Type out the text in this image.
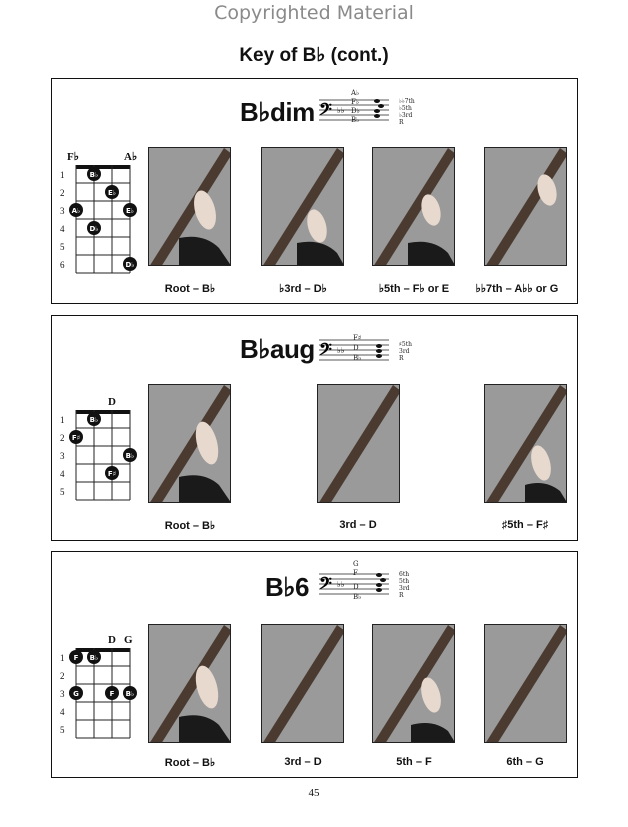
Copyrighted Material
Key of B♭ (cont.)
B♭dim 𝄢 ♭♭
A♭
F♭
D♭
B♭
♭♭7th
♭5th
♭3rd
R
F♭	A♭
1
2
3
4
5
6
B♭
E♭
A♭	E♭
D♭
D♭
Root – B♭	♭3rd – D♭	♭5th – F♭ or E	♭♭7th – A♭♭ or G
B♭aug 𝄢 ♭♭
F♯
D
B♭
♯5th
3rd
R
D
1
2
3
4
5
B♭
F♯
B♭
F♯
Root – B♭	3rd – D	♯5th – F♯
B♭6 𝄢 ♭♭
G
F
D
B♭
6th
5th
3rd
R
D G
1
2
3
4
5
F B♭
G	F B♭
Root – B♭	3rd – D	5th – F	6th – G
45
